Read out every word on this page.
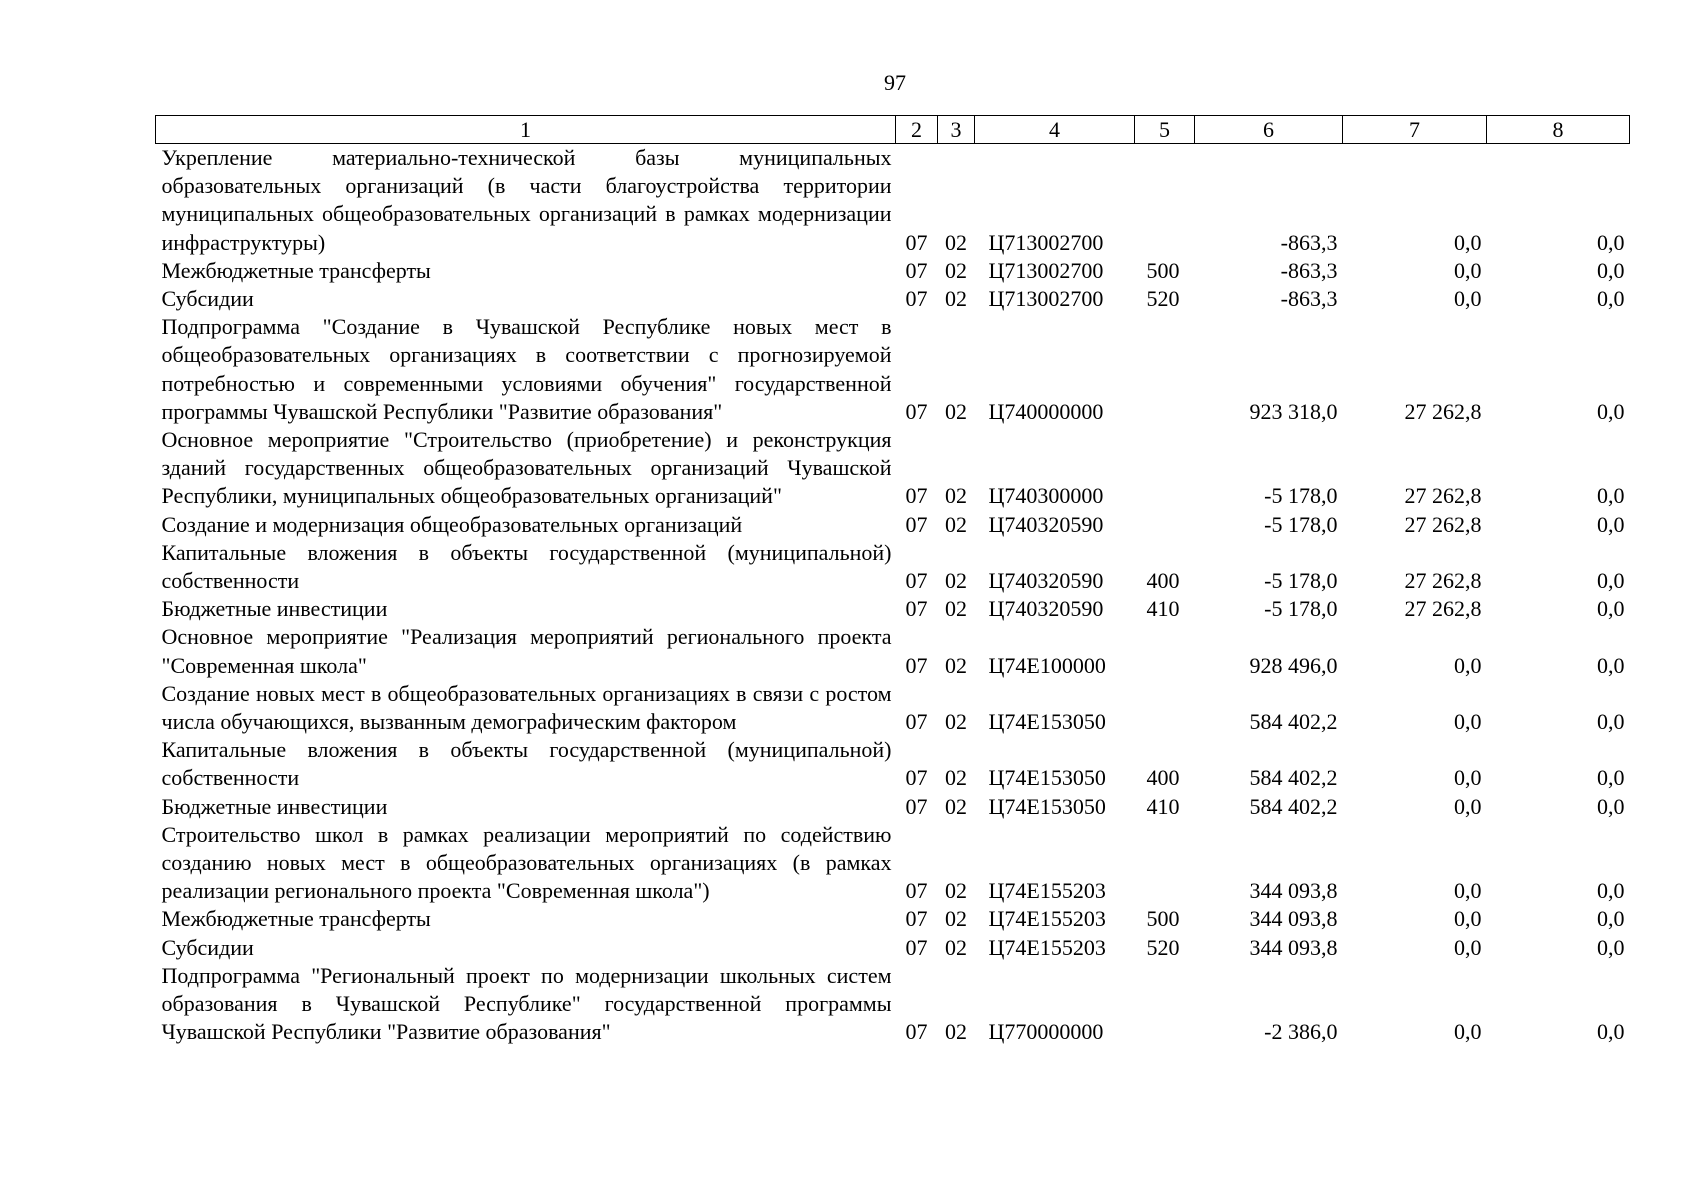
97
1	2	3	4	5	6	7	8
Укрепление материально-технической базы муниципальных образовательных организаций (в части благоустройства территории муниципальных общеобразовательных организаций в рамках модернизации инфраструктуры)	07	02	Ц713002700		-863,3	0,0	0,0
Межбюджетные трансферты	07	02	Ц713002700	500	-863,3	0,0	0,0
Субсидии	07	02	Ц713002700	520	-863,3	0,0	0,0
Подпрограмма "Создание в Чувашской Республике новых мест в общеобразовательных организациях в соответствии с прогнозируемой потребностью и современными условиями обучения" государственной программы Чувашской Республики "Развитие образования"	07	02	Ц740000000		923 318,0	27 262,8	0,0
Основное мероприятие "Строительство (приобретение) и реконструкция зданий государственных общеобразовательных организаций Чувашской Республики, муниципальных общеобразовательных организаций"	07	02	Ц740300000		-5 178,0	27 262,8	0,0
Создание и модернизация общеобразовательных организаций	07	02	Ц740320590		-5 178,0	27 262,8	0,0
Капитальные вложения в объекты государственной (муниципальной) собственности	07	02	Ц740320590	400	-5 178,0	27 262,8	0,0
Бюджетные инвестиции	07	02	Ц740320590	410	-5 178,0	27 262,8	0,0
Основное мероприятие "Реализация мероприятий регионального проекта "Современная школа"	07	02	Ц74Е100000		928 496,0	0,0	0,0
Создание новых мест в общеобразовательных организациях в связи с ростом числа обучающихся, вызванным демографическим фактором	07	02	Ц74Е153050		584 402,2	0,0	0,0
Капитальные вложения в объекты государственной (муниципальной) собственности	07	02	Ц74Е153050	400	584 402,2	0,0	0,0
Бюджетные инвестиции	07	02	Ц74Е153050	410	584 402,2	0,0	0,0
Строительство школ в рамках реализации мероприятий по содействию созданию новых мест в общеобразовательных организациях (в рамках реализации регионального проекта "Современная школа")	07	02	Ц74Е155203		344 093,8	0,0	0,0
Межбюджетные трансферты	07	02	Ц74Е155203	500	344 093,8	0,0	0,0
Субсидии	07	02	Ц74Е155203	520	344 093,8	0,0	0,0
Подпрограмма "Региональный проект по модернизации школьных систем образования в Чувашской Республике" государственной программы Чувашской Республики "Развитие образования"	07	02	Ц770000000		-2 386,0	0,0	0,0
